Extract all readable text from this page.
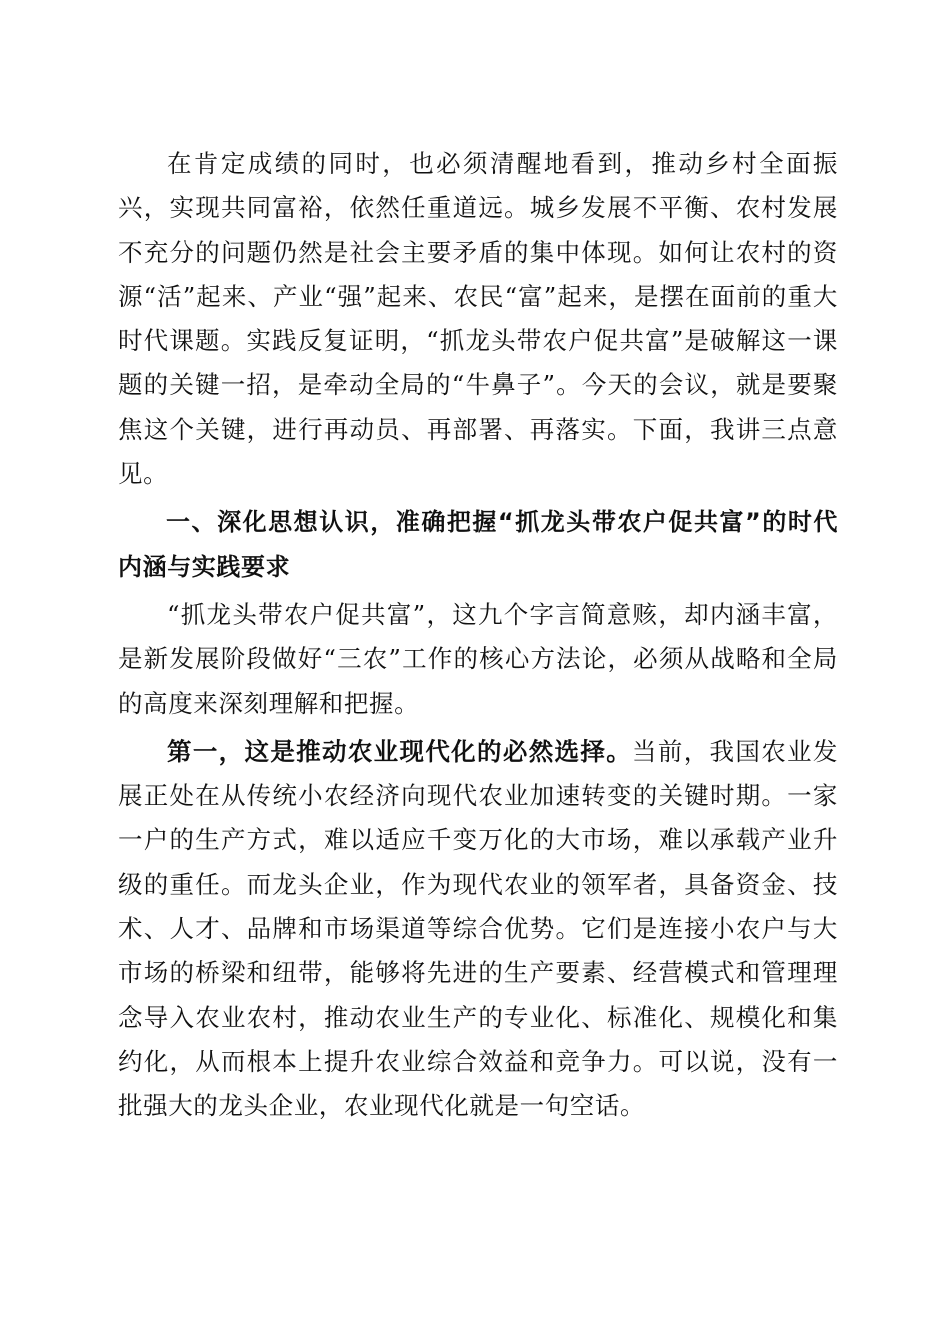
在肯定成绩的同时，也必须清醒地看到，推动乡村全面振兴，实现共同富裕，依然任重道远。城乡发展不平衡、农村发展不充分的问题仍然是社会主要矛盾的集中体现。如何让农村的资源“活”起来、产业“强”起来、农民“富”起来，是摆在面前的重大时代课题。实践反复证明，“抓龙头带农户促共富”是破解这一课题的关键一招，是牵动全局的“牛鼻子”。今天的会议，就是要聚焦这个关键，进行再动员、再部署、再落实。下面，我讲三点意见。

一、深化思想认识，准确把握“抓龙头带农户促共富”的时代内涵与实践要求

“抓龙头带农户促共富”，这九个字言简意赅，却内涵丰富，是新发展阶段做好“三农”工作的核心方法论，必须从战略和全局的高度来深刻理解和把握。

第一，这是推动农业现代化的必然选择。当前，我国农业发展正处在从传统小农经济向现代农业加速转变的关键时期。一家一户的生产方式，难以适应千变万化的大市场，难以承载产业升级的重任。而龙头企业，作为现代农业的领军者，具备资金、技术、人才、品牌和市场渠道等综合优势。它们是连接小农户与大市场的桥梁和纽带，能够将先进的生产要素、经营模式和管理理念导入农业农村，推动农业生产的专业化、标准化、规模化和集约化，从而根本上提升农业综合效益和竞争力。可以说，没有一批强大的龙头企业，农业现代化就是一句空话。
